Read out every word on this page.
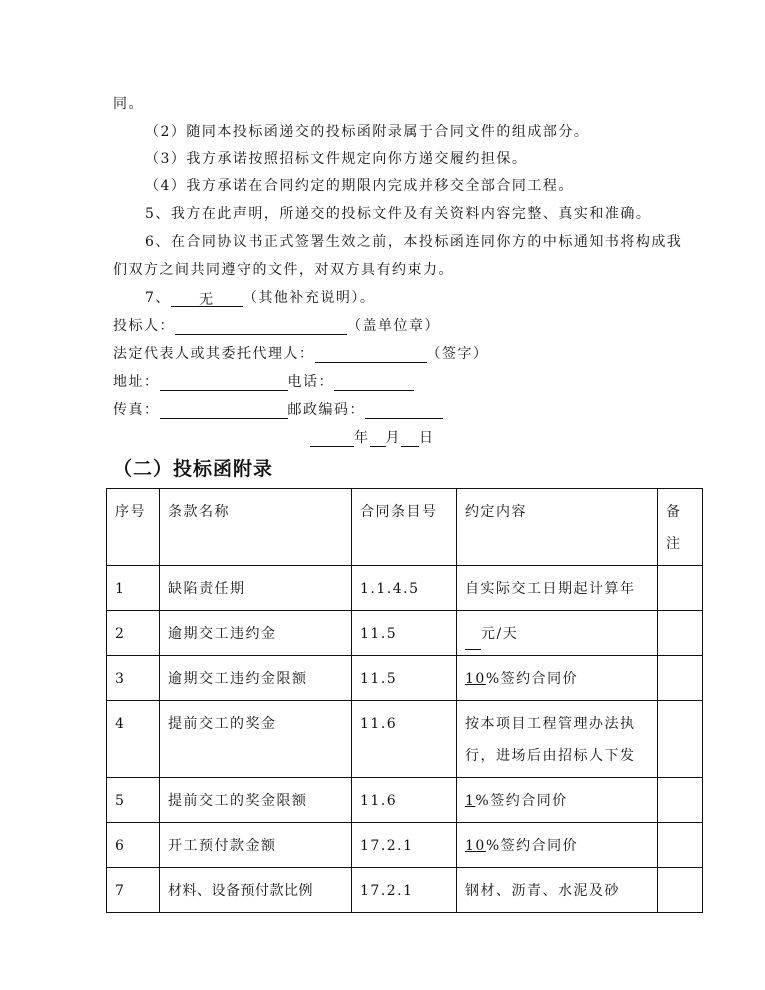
同。
（2）随同本投标函递交的投标函附录属于合同文件的组成部分。
（3）我方承诺按照招标文件规定向你方递交履约担保。
（4）我方承诺在合同约定的期限内完成并移交全部合同工程。
5、我方在此声明，所递交的投标文件及有关资料内容完整、真实和准确。
6、在合同协议书正式签署生效之前，本投标函连同你方的中标通知书将构成我
们双方之间共同遵守的文件，对双方具有约束力。
7、 无 （其他补充说明）。
投标人：	（盖单位章）
法定代表人或其委托代理人：	（签字）
地址：	电话：
传真：	邮政编码：
年 月 日
（二）投标函附录
序号	条款名称	合同条目号	约定内容	备注
1	缺陷责任期	1.1.4.5	自实际交工日期起计算年	
2	逾期交工违约金	11.5	元/天	
3	逾期交工违约金限额	11.5	10%签约合同价	
4	提前交工的奖金	11.6	按本项目工程管理办法执行，进场后由招标人下发	
5	提前交工的奖金限额	11.6	1%签约合同价	
6	开工预付款金额	17.2.1	10%签约合同价	
7	材料、设备预付款比例	17.2.1	钢材、沥青、水泥及砂	
